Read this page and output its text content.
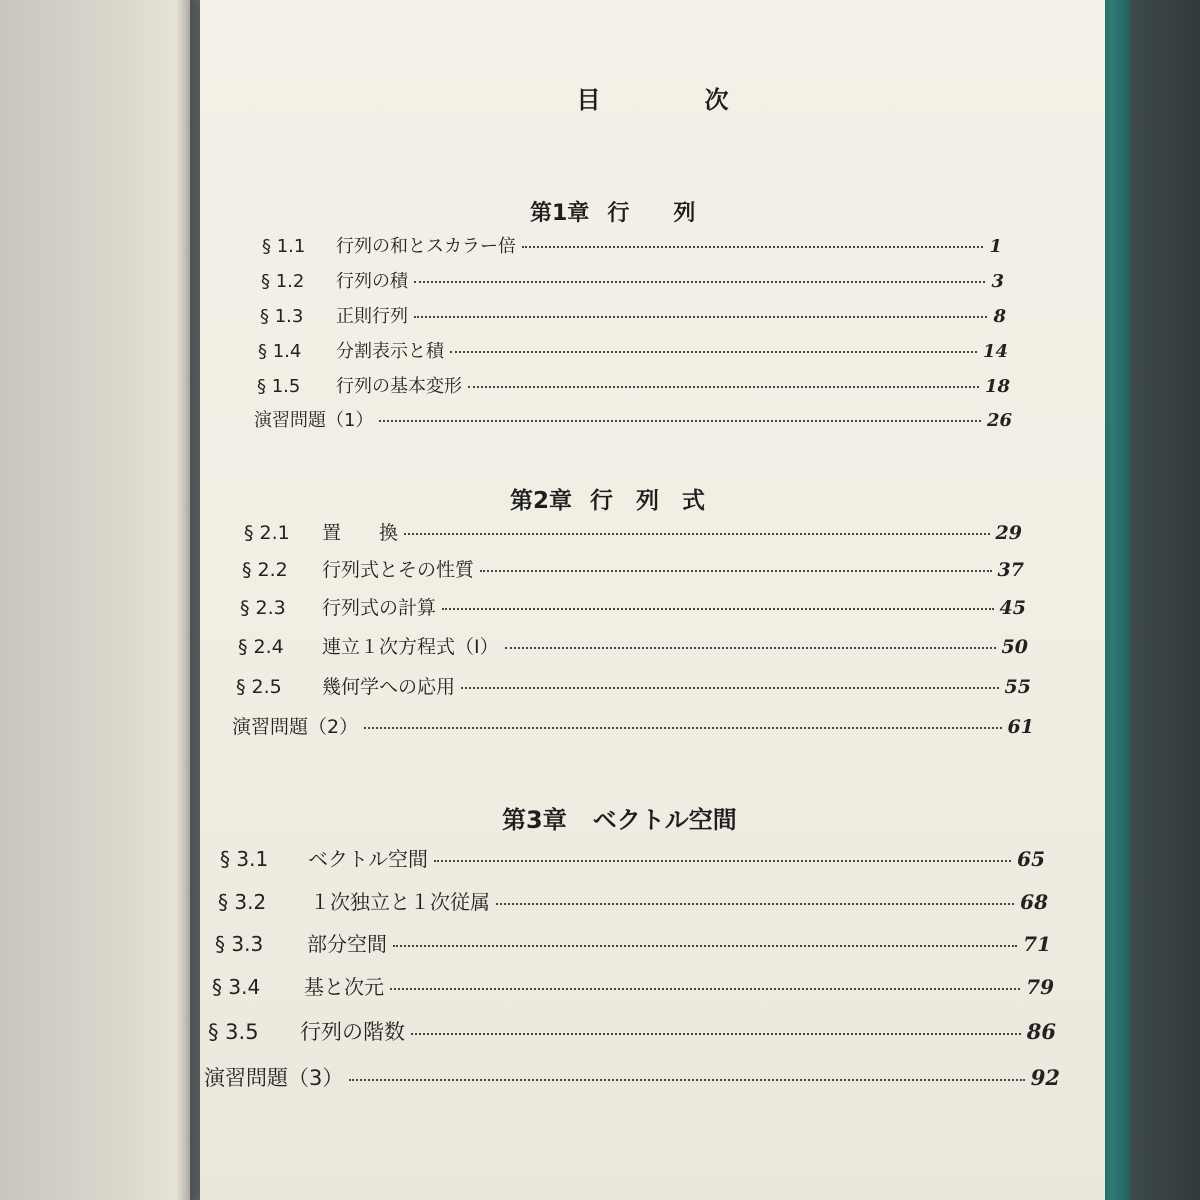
目　次
第1章 行　　列
§ 1.1	行列の和とスカラー倍	1
§ 1.2	行列の積	3
§ 1.3	正則行列	8
§ 1.4	分割表示と積	14
§ 1.5	行列の基本変形	18
演習問題（1）	26
第2章 行　列　式
§ 2.1	置　　換	29
§ 2.2	行列式とその性質	37
§ 2.3	行列式の計算	45
§ 2.4	連立１次方程式（I）	50
§ 2.5	幾何学への応用	55
演習問題（2）	61
第3章 ベクトル空間
§ 3.1	ベクトル空間	65
§ 3.2	１次独立と１次従属	68
§ 3.3	部分空間	71
§ 3.4	基と次元	79
§ 3.5	行列の階数	86
演習問題（3）	92
